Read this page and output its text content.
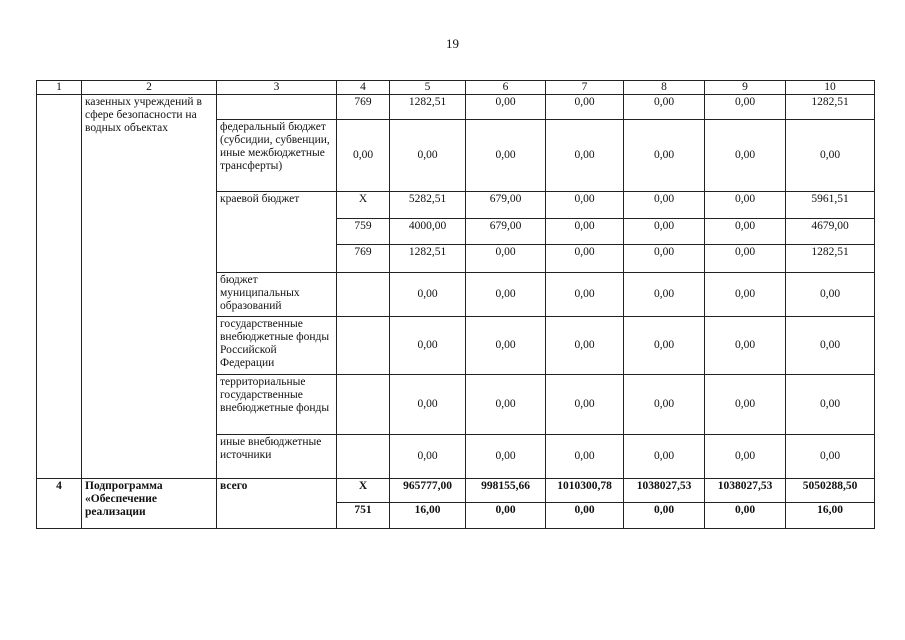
19
1	2	3	4	5	6	7	8	9	10
	казенных учреждений в сфере безопасности на водных объектах		769	1282,51	0,00	0,00	0,00	0,00	1282,51
		федеральный бюджет (субсидии, субвенции, иные межбюджетные трансферты)	0,00	0,00	0,00	0,00	0,00	0,00	0,00
		краевой бюджет	Х	5282,51	679,00	0,00	0,00	0,00	5961,51
			759	4000,00	679,00	0,00	0,00	0,00	4679,00
			769	1282,51	0,00	0,00	0,00	0,00	1282,51
		бюджет муниципальных образований		0,00	0,00	0,00	0,00	0,00	0,00
		государственные внебюджетные фонды Российской Федерации		0,00	0,00	0,00	0,00	0,00	0,00
		территориальные государственные внебюджетные фонды		0,00	0,00	0,00	0,00	0,00	0,00
		иные внебюджетные источники		0,00	0,00	0,00	0,00	0,00	0,00
4	Подпрограмма «Обеспечение реализации	всего	Х	965777,00	998155,66	1010300,78	1038027,53	1038027,53	5050288,50
			751	16,00	0,00	0,00	0,00	0,00	16,00
